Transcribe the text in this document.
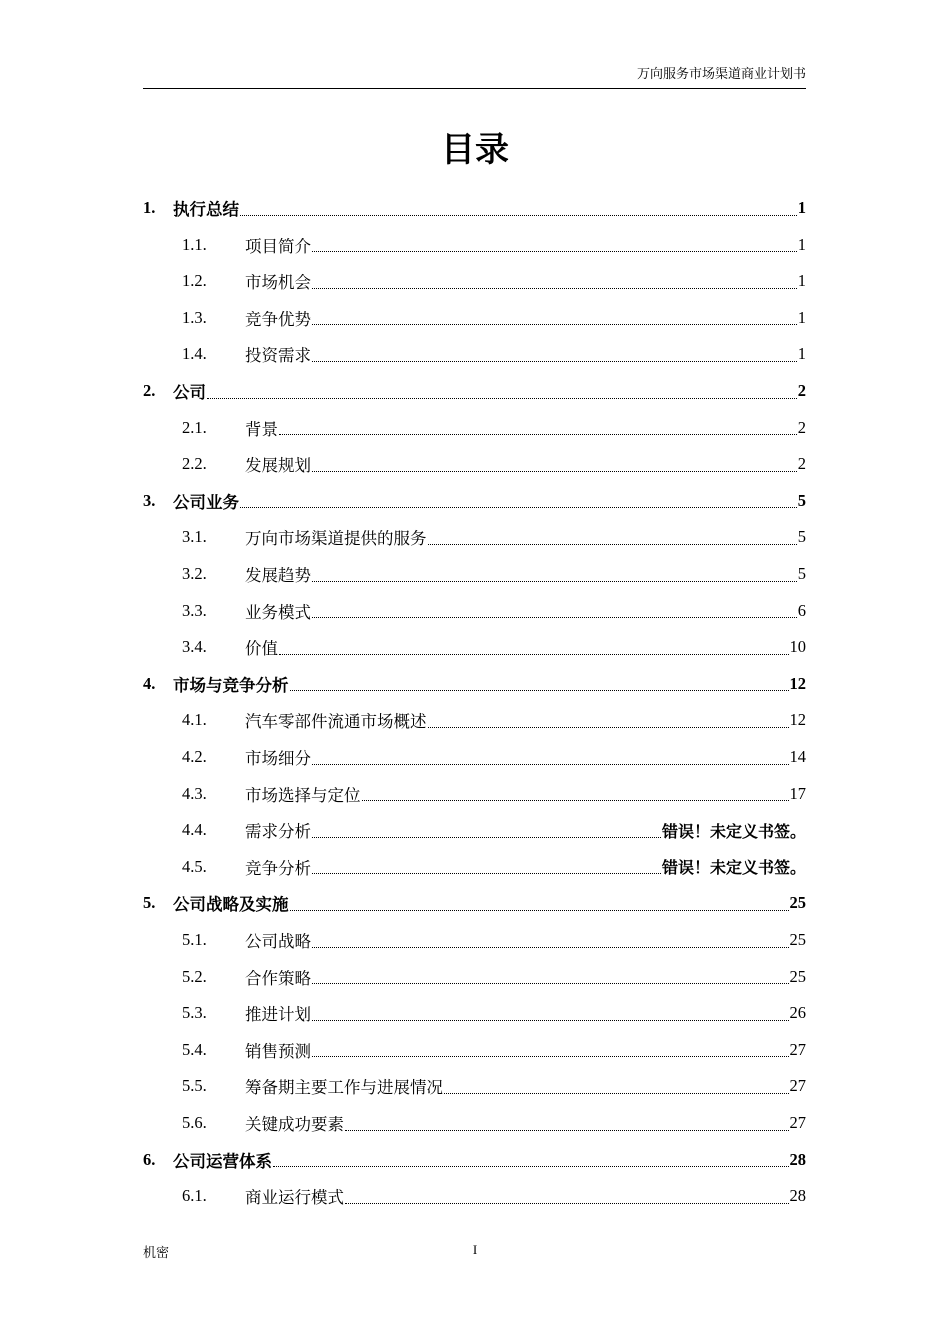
万向服务市场渠道商业计划书
目录
1.	执行总结	1
1.1.	项目简介	1
1.2.	市场机会	1
1.3.	竞争优势	1
1.4.	投资需求	1
2.	公司	2
2.1.	背景	2
2.2.	发展规划	2
3.	公司业务	5
3.1.	万向市场渠道提供的服务	5
3.2.	发展趋势	5
3.3.	业务模式	6
3.4.	价值	10
4.	市场与竞争分析	12
4.1.	汽车零部件流通市场概述	12
4.2.	市场细分	14
4.3.	市场选择与定位	17
4.4.	需求分析	错误！未定义书签。
4.5.	竞争分析	错误！未定义书签。
5.	公司战略及实施	25
5.1.	公司战略	25
5.2.	合作策略	25
5.3.	推进计划	26
5.4.	销售预测	27
5.5.	筹备期主要工作与进展情况	27
5.6.	关键成功要素	27
6.	公司运营体系	28
6.1.	商业运行模式	28
机密	I
